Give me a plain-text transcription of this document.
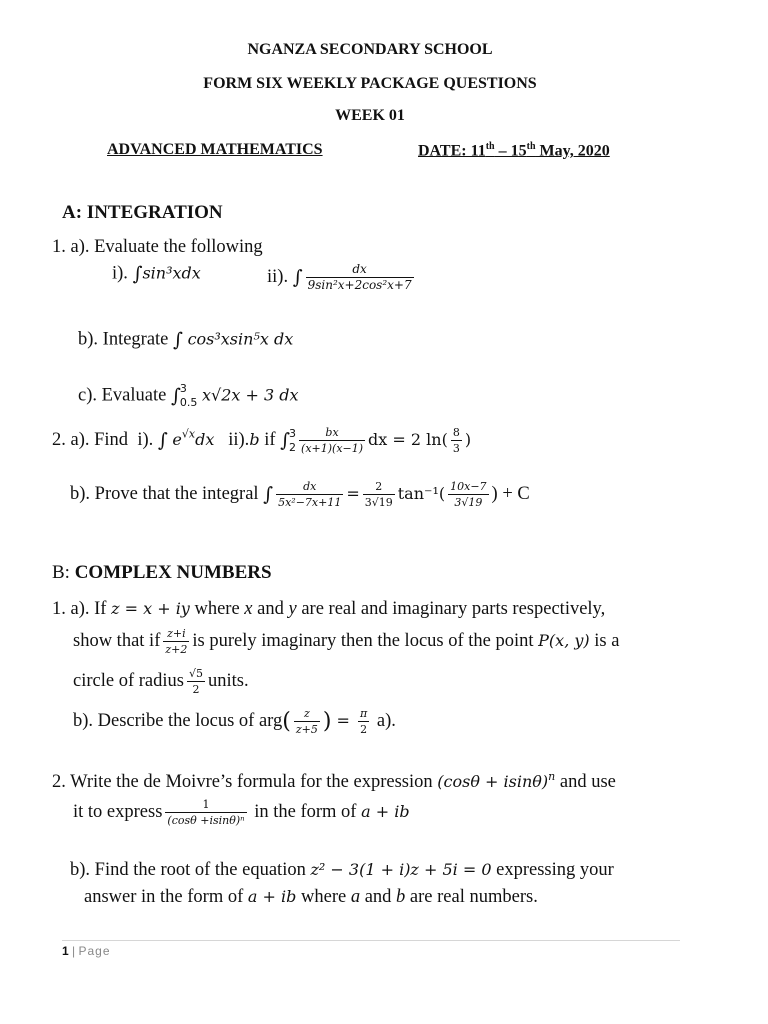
NGANZA SECONDARY SCHOOL
FORM SIX WEEKLY PACKAGE QUESTIONS
WEEK 01
ADVANCED MATHEMATICS	DATE: 11th – 15th May, 2020
A: INTEGRATION
1. a). Evaluate the following
i). ∫sin³xdx	ii). ∫ $\frac{dx}{\text{9sin²x+2cos²x+7}}$
b). Integrate ∫ cos³xsin⁵x dx
c). Evaluate ∫ 3
0.5 x√2x + 3 dx
2. a). Find i). ∫ $e^{√x}dx$ ii).b if ∫ 3
$2 \frac{bx}{(x+1)(x-1)}$ dx = 2 $\ln( \frac{8}{3}$ )
b). Prove that the integral ∫ $\frac{dx}{\text{5x²−7x+11}} = \frac{2}{3√19} \tan^{-1}( \frac{10x-7}{3√19}$ ) + C
B: COMPLEX NUMBERS
1. a). If z = x + iy where x and y are real and imaginary parts respectively,
show that if $\frac{z+i}{z+2}$ is purely imaginary then the locus of the point P(x, y) is a
circle of radius $\frac{√5}{2}$ units.
b). Describe the locus of $arg( \frac{z}{z+5}$ ) = $\frac{\pi}{2} a$).
2. Write the de Moivre’s formula for the expression $(\cos\theta + isin\theta)^n$ and use
it to express $\frac{1}{\text{(cosθ +isinθ)ⁿ}}$ in the form of a + ib
b). Find the root of the equation z² − 3(1 + i)z + 5i = 0 expressing your
answer in the form of a + ib where a and b are real numbers.
1 | Page
